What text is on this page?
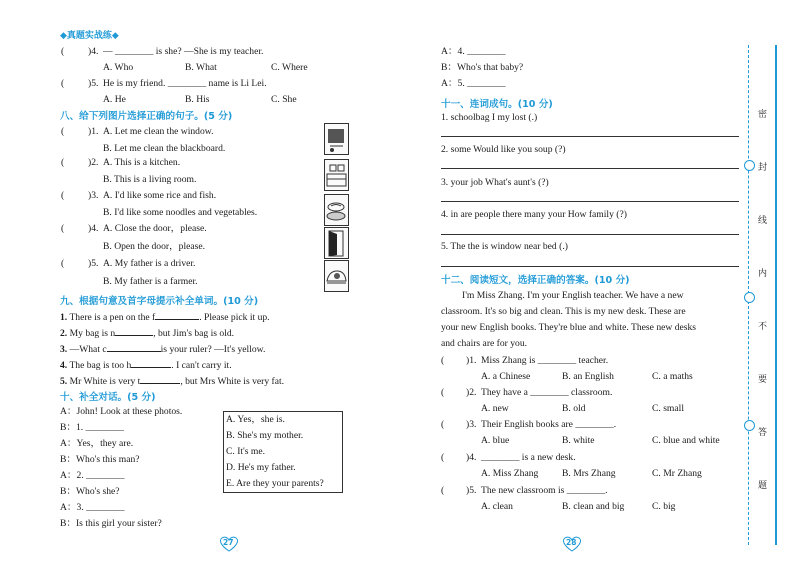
◆真题实战练◆
( )4. — ________ is she? —She is my teacher.
A. Who	B. What	C. Where
( )5. He is my friend. ________ name is Li Lei.
A. He	B. His	C. She
八、给下列图片选择正确的句子。(5 分)
( )1. A. Let me clean the window.
B. Let me clean the blackboard.
( )2. A. This is a kitchen.
B. This is a living room.
( )3. A. I'd like some rice and fish.
B. I'd like some noodles and vegetables.
( )4. A. Close the door，please.
B. Open the door，please.
( )5. A. My father is a driver.
B. My father is a farmer.
九、根据句意及首字母提示补全单词。(10 分)
1. There is a pen on the f	. Please pick it up.
2. My bag is n	, but Jim's bag is old.
3. —What c	is your ruler? —It's yellow.
4. The bag is too h	. I can't carry it.
5. Mr White is very t	, but Mrs White is very fat.
十、补全对话。(5 分)
A：John! Look at these photos.
B：1. ________
A：Yes，they are.
B：Who's this man?
A：2. ________
B：Who's she?
A：3. ________
B：Is this girl your sister?
A. Yes，she is.
B. She's my mother.
C. It's me.
D. He's my father.
E. Are they your parents?
27
A：4. ________
B：Who's that baby?
A：5. ________
十一、连词成句。(10 分)
1. schoolbag I my lost (.)
2. some Would like you soup (?)
3. your job What's aunt's (?)
4. in are people there many your How family (?)
5. The the is window near bed (.)
十二、阅读短文，选择正确的答案。(10 分)
I'm Miss Zhang. I'm your English teacher. We have a new
classroom. It's so big and clean. This is my new desk. These are
your new English books. They're blue and white. These new desks
and chairs are for you.
( )1. Miss Zhang is ________ teacher.
A. a Chinese	B. an English	C. a maths
( )2. They have a ________ classroom.
A. new	B. old	C. small
( )3. Their English books are ________.
A. blue	B. white	C. blue and white
( )4. ________ is a new desk.
A. Miss Zhang B. Mrs Zhang	C. Mr Zhang
( )5. The new classroom is ________.
A. clean	B. clean and big	C. big
28
密
封
线
内
不
要
答
题
